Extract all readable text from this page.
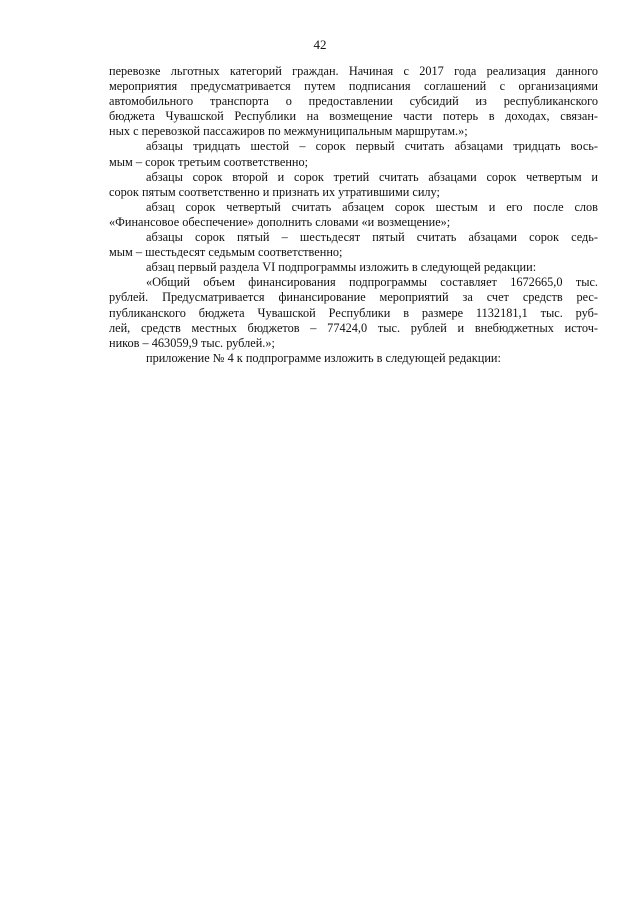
42
перевозке льготных категорий граждан. Начиная с 2017 года реализация данного
мероприятия предусматривается путем подписания соглашений с организациями
автомобильного транспорта о предоставлении субсидий из республиканского
бюджета Чувашской Республики на возмещение части потерь в доходах, связан-
ных с перевозкой пассажиров по межмуниципальным маршрутам.»;
абзацы тридцать шестой – сорок первый считать абзацами тридцать вось-
мым – сорок третьим соответственно;
абзацы сорок второй и сорок третий считать абзацами сорок четвертым и
сорок пятым соответственно и признать их утратившими силу;
абзац сорок четвертый считать абзацем сорок шестым и его после слов
«Финансовое обеспечение» дополнить словами «и возмещение»;
абзацы сорок пятый – шестьдесят пятый считать абзацами сорок седь-
мым – шестьдесят седьмым соответственно;
абзац первый раздела VI подпрограммы изложить в следующей редакции:
«Общий объем финансирования подпрограммы составляет 1672665,0 тыс.
рублей. Предусматривается финансирование мероприятий за счет средств рес-
публиканского бюджета Чувашской Республики в размере 1132181,1 тыс. руб-
лей, средств местных бюджетов – 77424,0 тыс. рублей и внебюджетных источ-
ников – 463059,9 тыс. рублей.»;
приложение № 4 к подпрограмме изложить в следующей редакции:
